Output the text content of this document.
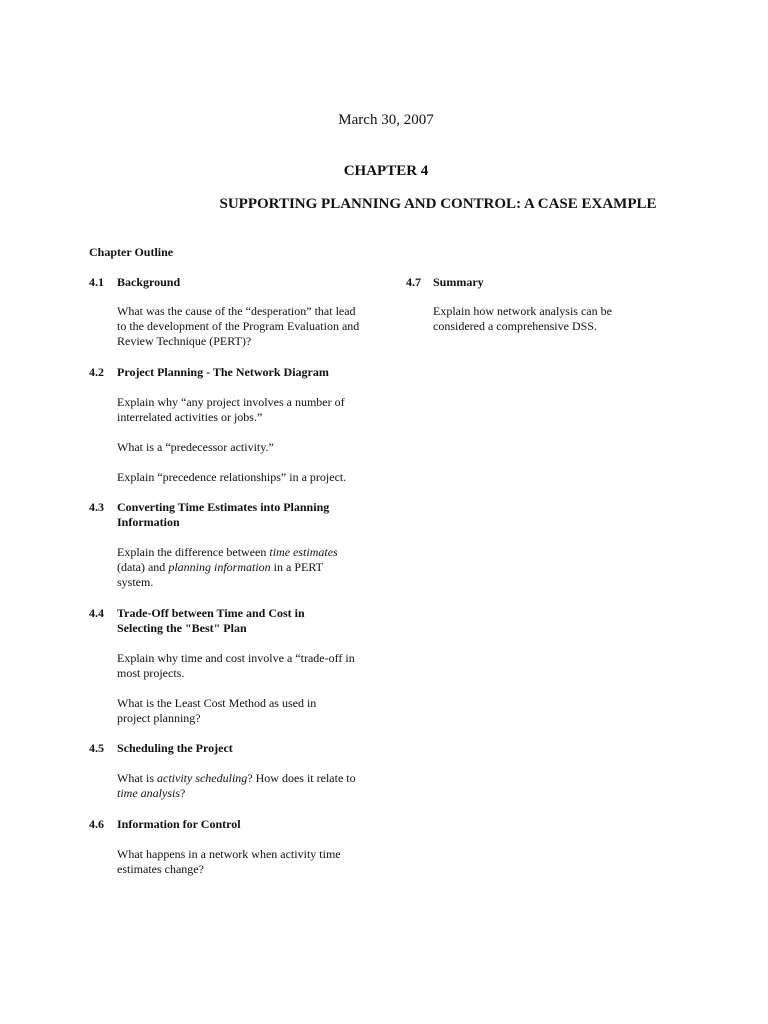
March 30, 2007
CHAPTER 4
SUPPORTING PLANNING AND CONTROL: A CASE EXAMPLE
Chapter Outline
4.1 Background
What was the cause of the “desperation” that lead to the development of the Program Evaluation and Review Technique (PERT)?
4.2 Project Planning - The Network Diagram
Explain why “any project involves a number of interrelated activities or jobs.”
What is a “predecessor activity.”
Explain “precedence relationships” in a project.
4.3 Converting Time Estimates into Planning Information
Explain the difference between time estimates (data) and planning information in a PERT system.
4.4 Trade-Off between Time and Cost in Selecting the "Best" Plan
Explain why time and cost involve a “trade-off in most projects.
What is the Least Cost Method as used in project planning?
4.5 Scheduling the Project
What is activity scheduling? How does it relate to time analysis?
4.6 Information for Control
What happens in a network when activity time estimates change?
4.7 Summary
Explain how network analysis can be considered a comprehensive DSS.
